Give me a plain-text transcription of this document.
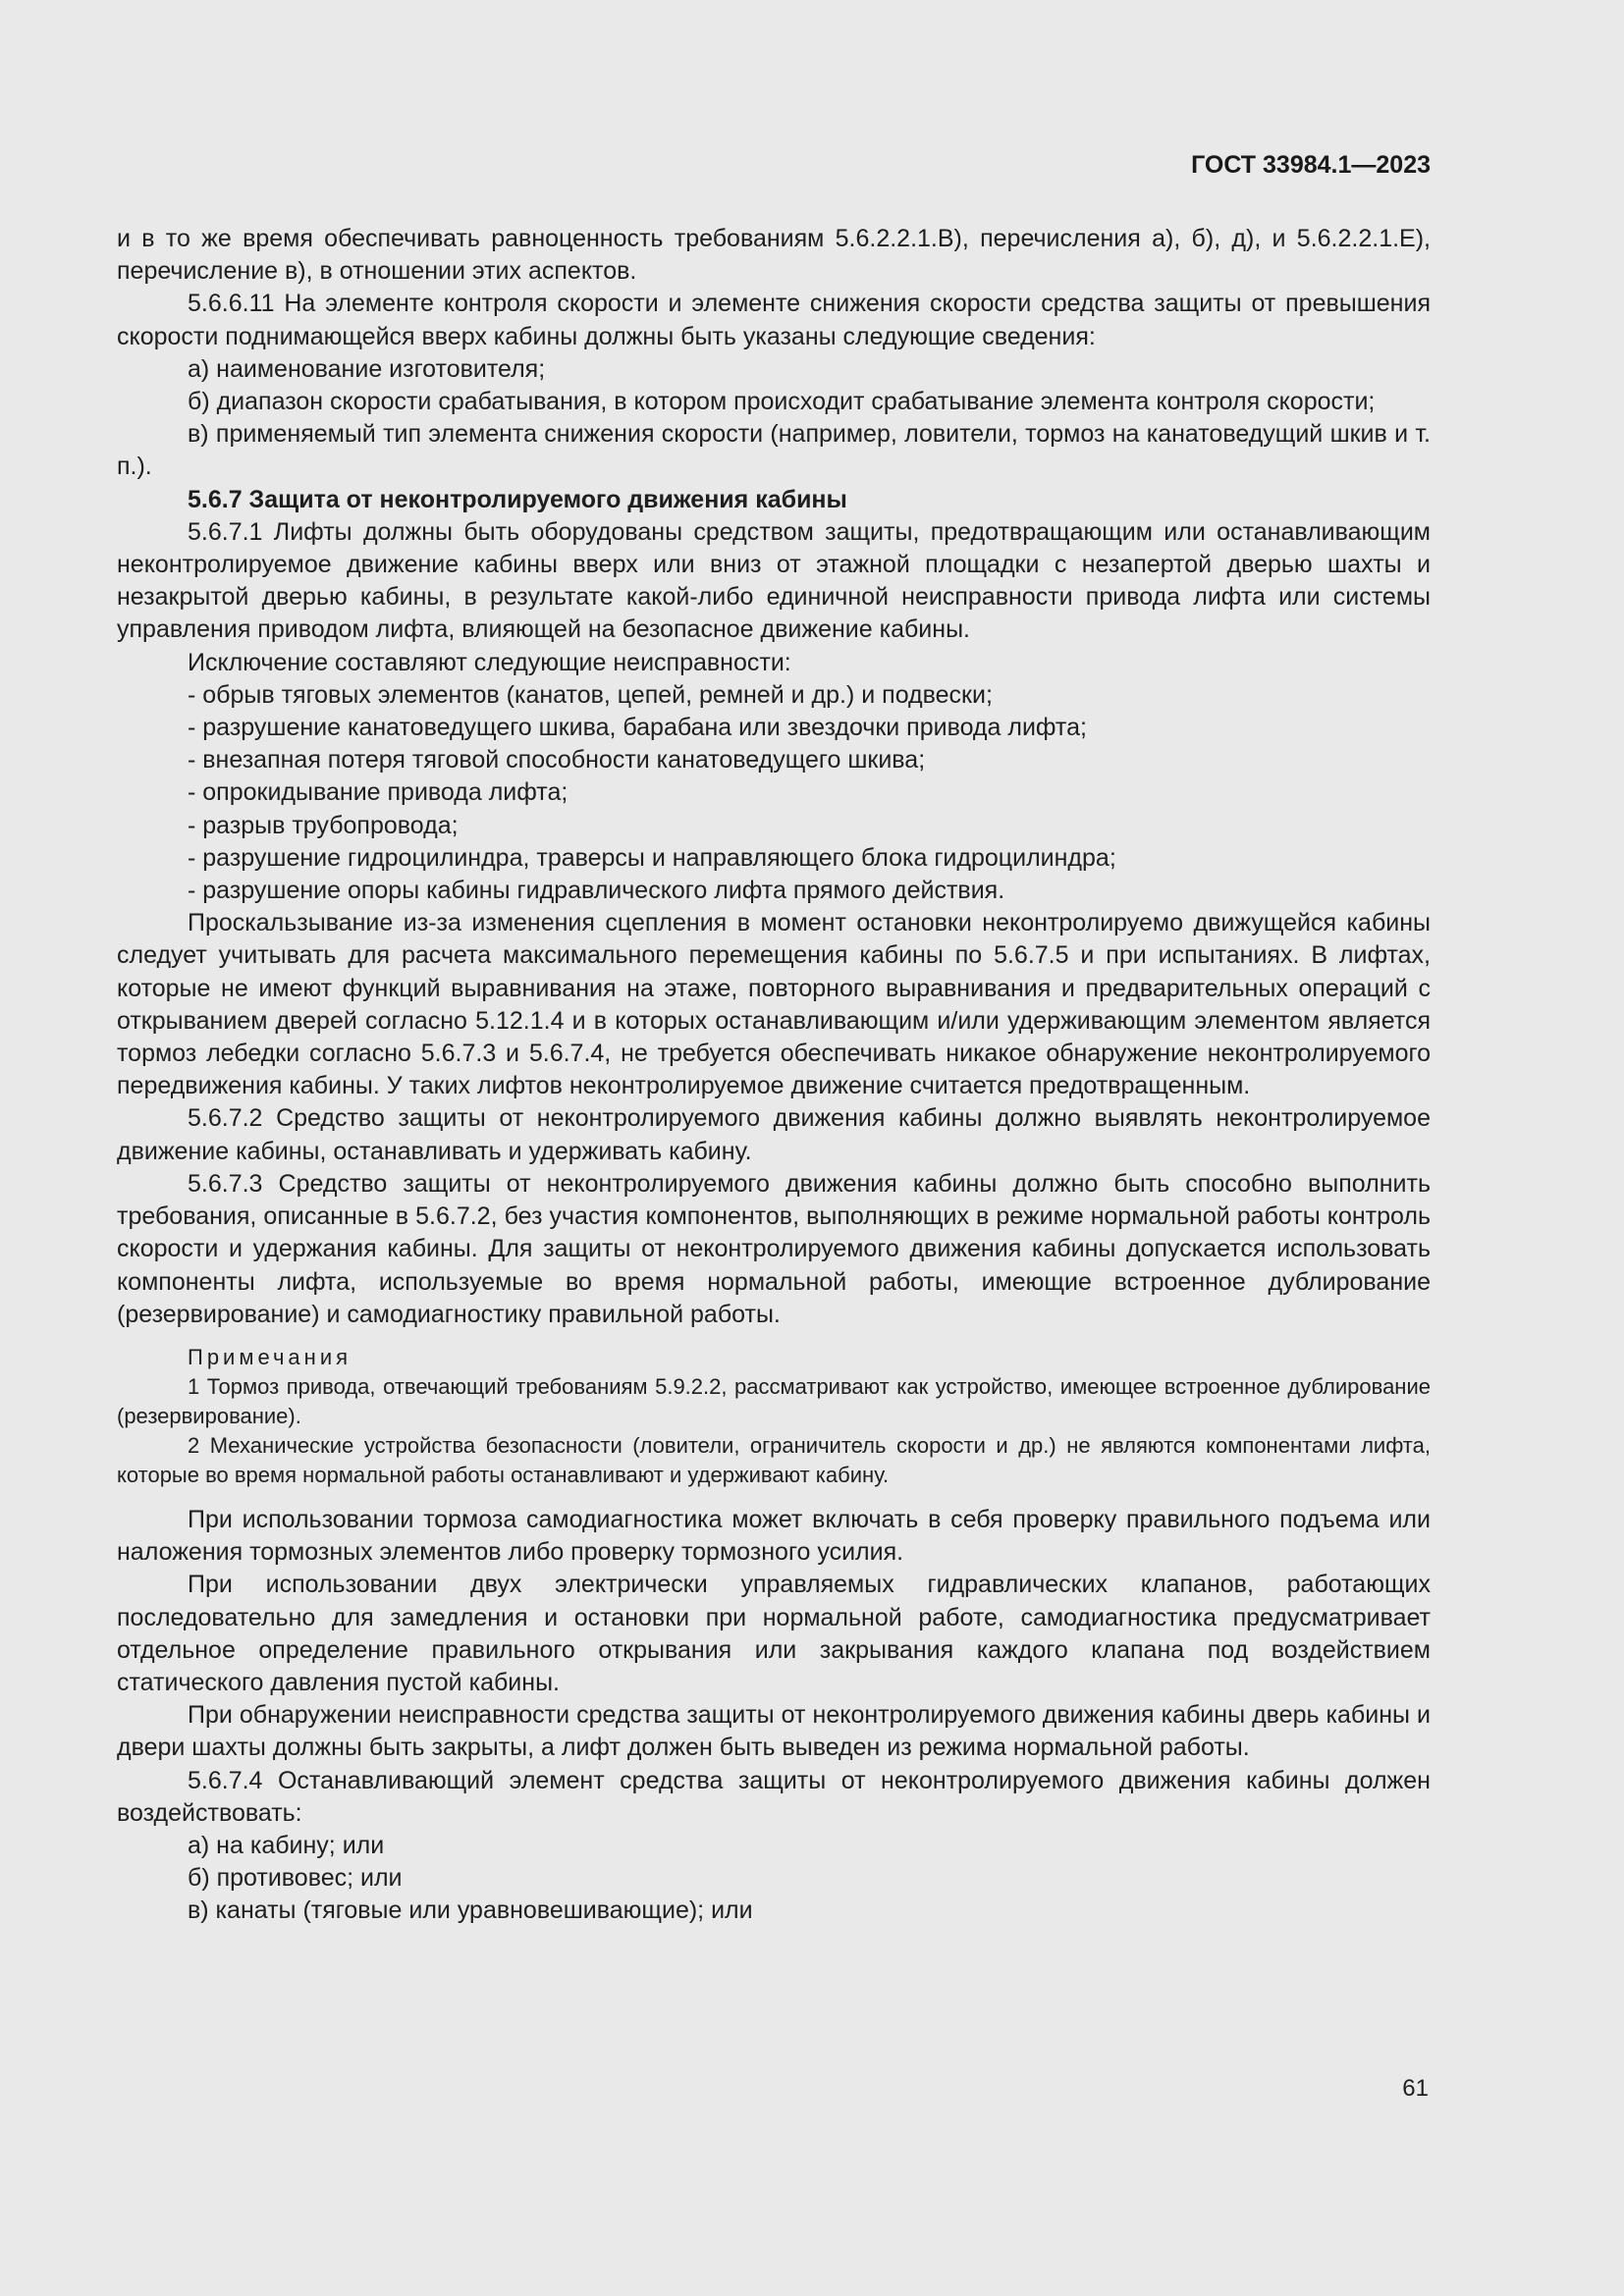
ГОСТ 33984.1—2023

и в то же время обеспечивать равноценность требованиям 5.6.2.2.1.В), перечисления а), б), д), и 5.6.2.2.1.Е), перечисление в), в отношении этих аспектов.

5.6.6.11 На элементе контроля скорости и элементе снижения скорости средства защиты от превышения скорости поднимающейся вверх кабины должны быть указаны следующие сведения:

а) наименование изготовителя;

б) диапазон скорости срабатывания, в котором происходит срабатывание элемента контроля скорости;

в) применяемый тип элемента снижения скорости (например, ловители, тормоз на канатоведущий шкив и т. п.).

5.6.7 Защита от неконтролируемого движения кабины

5.6.7.1 Лифты должны быть оборудованы средством защиты, предотвращающим или останавливающим неконтролируемое движение кабины вверх или вниз от этажной площадки с незапертой дверью шахты и незакрытой дверью кабины, в результате какой-либо единичной неисправности привода лифта или системы управления приводом лифта, влияющей на безопасное движение кабины.

Исключение составляют следующие неисправности:

- обрыв тяговых элементов (канатов, цепей, ремней и др.) и подвески;

- разрушение канатоведущего шкива, барабана или звездочки привода лифта;

- внезапная потеря тяговой способности канатоведущего шкива;

- опрокидывание привода лифта;

- разрыв трубопровода;

- разрушение гидроцилиндра, траверсы и направляющего блока гидроцилиндра;

- разрушение опоры кабины гидравлического лифта прямого действия.

Проскальзывание из-за изменения сцепления в момент остановки неконтролируемо движущейся кабины следует учитывать для расчета максимального перемещения кабины по 5.6.7.5 и при испытаниях. В лифтах, которые не имеют функций выравнивания на этаже, повторного выравнивания и предварительных операций с открыванием дверей согласно 5.12.1.4 и в которых останавливающим и/или удерживающим элементом является тормоз лебедки согласно 5.6.7.3 и 5.6.7.4, не требуется обеспечивать никакое обнаружение неконтролируемого передвижения кабины. У таких лифтов неконтролируемое движение считается предотвращенным.

5.6.7.2 Средство защиты от неконтролируемого движения кабины должно выявлять неконтролируемое движение кабины, останавливать и удерживать кабину.

5.6.7.3 Средство защиты от неконтролируемого движения кабины должно быть способно выполнить требования, описанные в 5.6.7.2, без участия компонентов, выполняющих в режиме нормальной работы контроль скорости и удержания кабины. Для защиты от неконтролируемого движения кабины допускается использовать компоненты лифта, используемые во время нормальной работы, имеющие встроенное дублирование (резервирование) и самодиагностику правильной работы.

Примечания

1 Тормоз привода, отвечающий требованиям 5.9.2.2, рассматривают как устройство, имеющее встроенное дублирование (резервирование).

2 Механические устройства безопасности (ловители, ограничитель скорости и др.) не являются компонентами лифта, которые во время нормальной работы останавливают и удерживают кабину.

При использовании тормоза самодиагностика может включать в себя проверку правильного подъема или наложения тормозных элементов либо проверку тормозного усилия.

При использовании двух электрически управляемых гидравлических клапанов, работающих последовательно для замедления и остановки при нормальной работе, самодиагностика предусматривает отдельное определение правильного открывания или закрывания каждого клапана под воздействием статического давления пустой кабины.

При обнаружении неисправности средства защиты от неконтролируемого движения кабины дверь кабины и двери шахты должны быть закрыты, а лифт должен быть выведен из режима нормальной работы.

5.6.7.4 Останавливающий элемент средства защиты от неконтролируемого движения кабины должен воздействовать:

а) на кабину; или

б) противовес; или

в) канаты (тяговые или уравновешивающие); или

61
